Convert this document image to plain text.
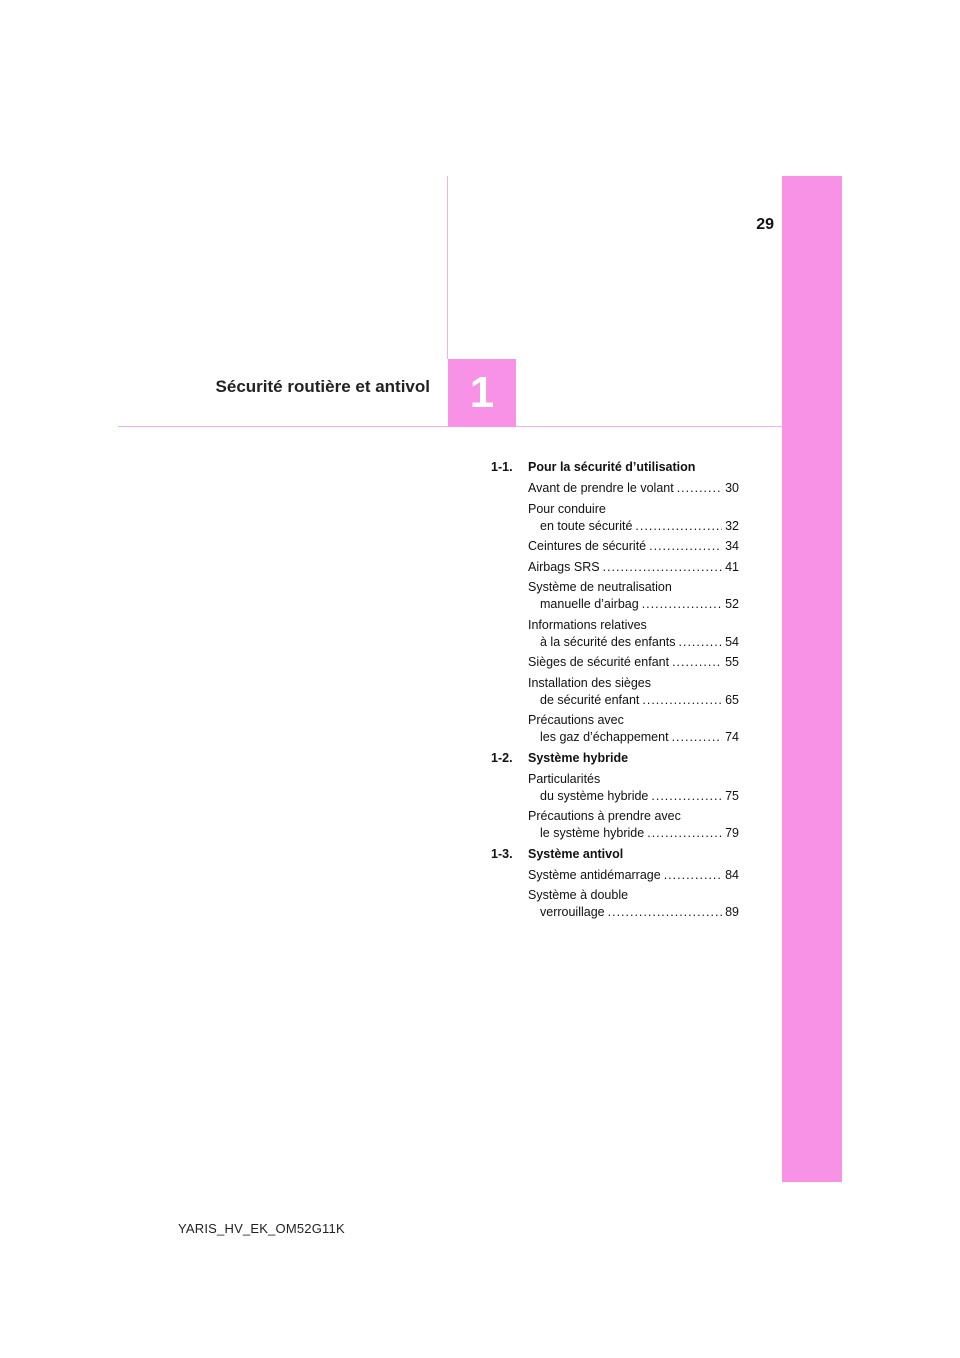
29
Sécurité routière et antivol 1
1-1.	Pour la sécurité d’utilisation
Avant de prendre le volant .....	30
Pour conduire
en toute sécurité .....	32
Ceintures de sécurité .....	34
Airbags SRS .....	41
Système de neutralisation
manuelle d’airbag .....	52
Informations relatives
à la sécurité des enfants .....	54
Sièges de sécurité enfant .....	55
Installation des sièges
de sécurité enfant .....	65
Précautions avec
les gaz d’échappement .....	74
1-2.	Système hybride
Particularités
du système hybride .....	75
Précautions à prendre avec
le système hybride .....	79
1-3.	Système antivol
Système antidémarrage .....	84
Système à double
verrouillage .....	89
YARIS_HV_EK_OM52G11K
